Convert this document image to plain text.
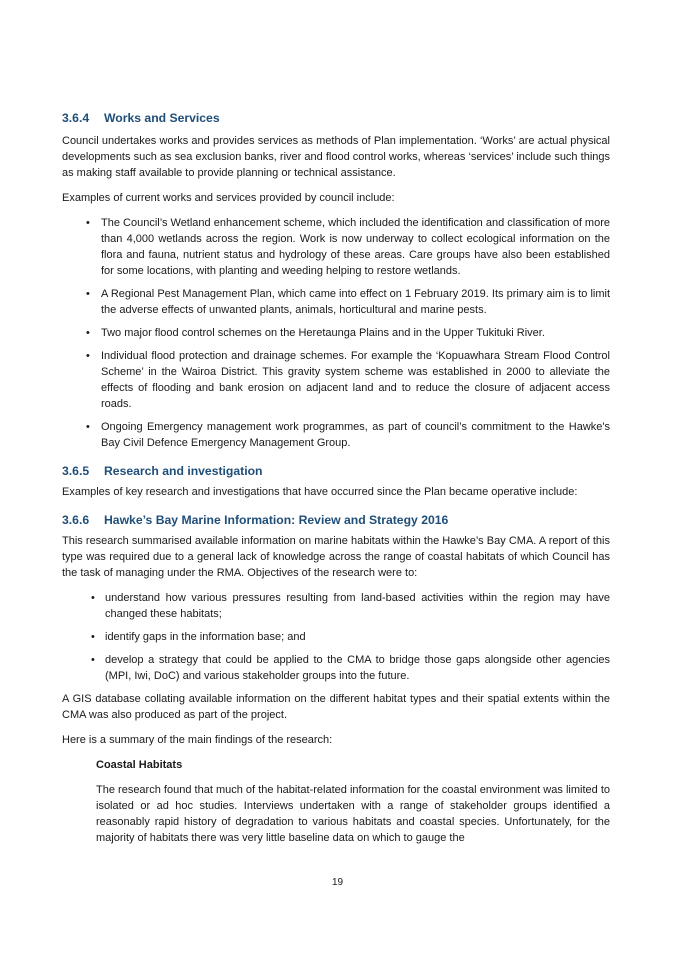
3.6.4 Works and Services

Council undertakes works and provides services as methods of Plan implementation. ‘Works’ are actual physical developments such as sea exclusion banks, river and flood control works, whereas ‘services’ include such things as making staff available to provide planning or technical assistance.

Examples of current works and services provided by council include:

• The Council’s Wetland enhancement scheme, which included the identification and classification of more than 4,000 wetlands across the region. Work is now underway to collect ecological information on the flora and fauna, nutrient status and hydrology of these areas. Care groups have also been established for some locations, with planting and weeding helping to restore wetlands.
• A Regional Pest Management Plan, which came into effect on 1 February 2019. Its primary aim is to limit the adverse effects of unwanted plants, animals, horticultural and marine pests.
• Two major flood control schemes on the Heretaunga Plains and in the Upper Tukituki River.
• Individual flood protection and drainage schemes. For example the ‘Kopuawhara Stream Flood Control Scheme’ in the Wairoa District. This gravity system scheme was established in 2000 to alleviate the effects of flooding and bank erosion on adjacent land and to reduce the closure of adjacent access roads.
• Ongoing Emergency management work programmes, as part of council’s commitment to the Hawke's Bay Civil Defence Emergency Management Group.
3.6.5 Research and investigation

Examples of key research and investigations that have occurred since the Plan became operative include:

3.6.6 Hawke’s Bay Marine Information: Review and Strategy 2016

This research summarised available information on marine habitats within the Hawke’s Bay CMA. A report of this type was required due to a general lack of knowledge across the range of coastal habitats of which Council has the task of managing under the RMA. Objectives of the research were to:

• understand how various pressures resulting from land-based activities within the region may have changed these habitats;
• identify gaps in the information base; and
• develop a strategy that could be applied to the CMA to bridge those gaps alongside other agencies (MPI, Iwi, DoC) and various stakeholder groups into the future.

A GIS database collating available information on the different habitat types and their spatial extents within the CMA was also produced as part of the project.

Here is a summary of the main findings of the research:

Coastal Habitats

The research found that much of the habitat-related information for the coastal environment was limited to isolated or ad hoc studies. Interviews undertaken with a range of stakeholder groups identified a reasonably rapid history of degradation to various habitats and coastal species. Unfortunately, for the majority of habitats there was very little baseline data on which to gauge the

19
